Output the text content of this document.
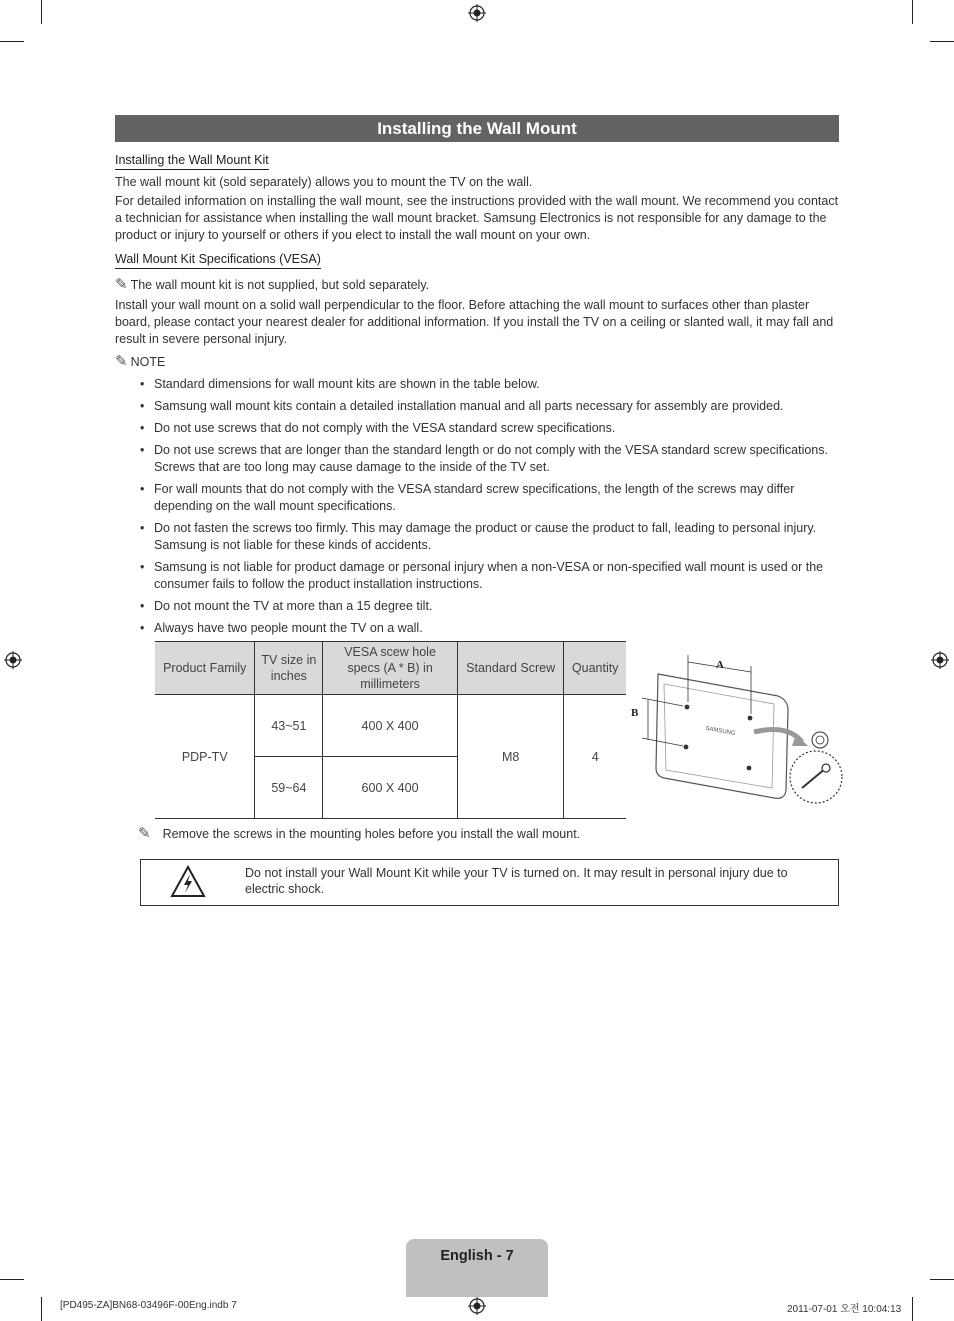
Installing the Wall Mount
Installing the Wall Mount Kit
The wall mount kit (sold separately) allows you to mount the TV on the wall.
For detailed information on installing the wall mount, see the instructions provided with the wall mount. We recommend you contact a technician for assistance when installing the wall mount bracket. Samsung Electronics is not responsible for any damage to the product or injury to yourself or others if you elect to install the wall mount on your own.
Wall Mount Kit Specifications (VESA)
✎ The wall mount kit is not supplied, but sold separately.
Install your wall mount on a solid wall perpendicular to the floor. Before attaching the wall mount to surfaces other than plaster board, please contact your nearest dealer for additional information. If you install the TV on a ceiling or slanted wall, it may fall and result in severe personal injury.
✎ NOTE
• Standard dimensions for wall mount kits are shown in the table below.
• Samsung wall mount kits contain a detailed installation manual and all parts necessary for assembly are provided.
• Do not use screws that do not comply with the VESA standard screw specifications.
• Do not use screws that are longer than the standard length or do not comply with the VESA standard screw specifications. Screws that are too long may cause damage to the inside of the TV set.
• For wall mounts that do not comply with the VESA standard screw specifications, the length of the screws may differ depending on the wall mount specifications.
• Do not fasten the screws too firmly. This may damage the product or cause the product to fall, leading to personal injury. Samsung is not liable for these kinds of accidents.
• Samsung is not liable for product damage or personal injury when a non-VESA or non-specified wall mount is used or the consumer fails to follow the product installation instructions.
• Do not mount the TV at more than a 15 degree tilt.
• Always have two people mount the TV on a wall.
Product Family	TV size in inches	VESA scew hole specs (A * B) in millimeters	Standard Screw	Quantity
PDP-TV	43~51	400 X 400	M8	4
	59~64	600 X 400		
SAMSUNG
A
B
✎ Remove the screws in the mounting holes before you install the wall mount.
Do not install your Wall Mount Kit while your TV is turned on. It may result in personal injury due to electric shock.
English - 7
[PD495-ZA]BN68-03496F-00Eng.indb 7	2011-07-01 오전 10:04:13
